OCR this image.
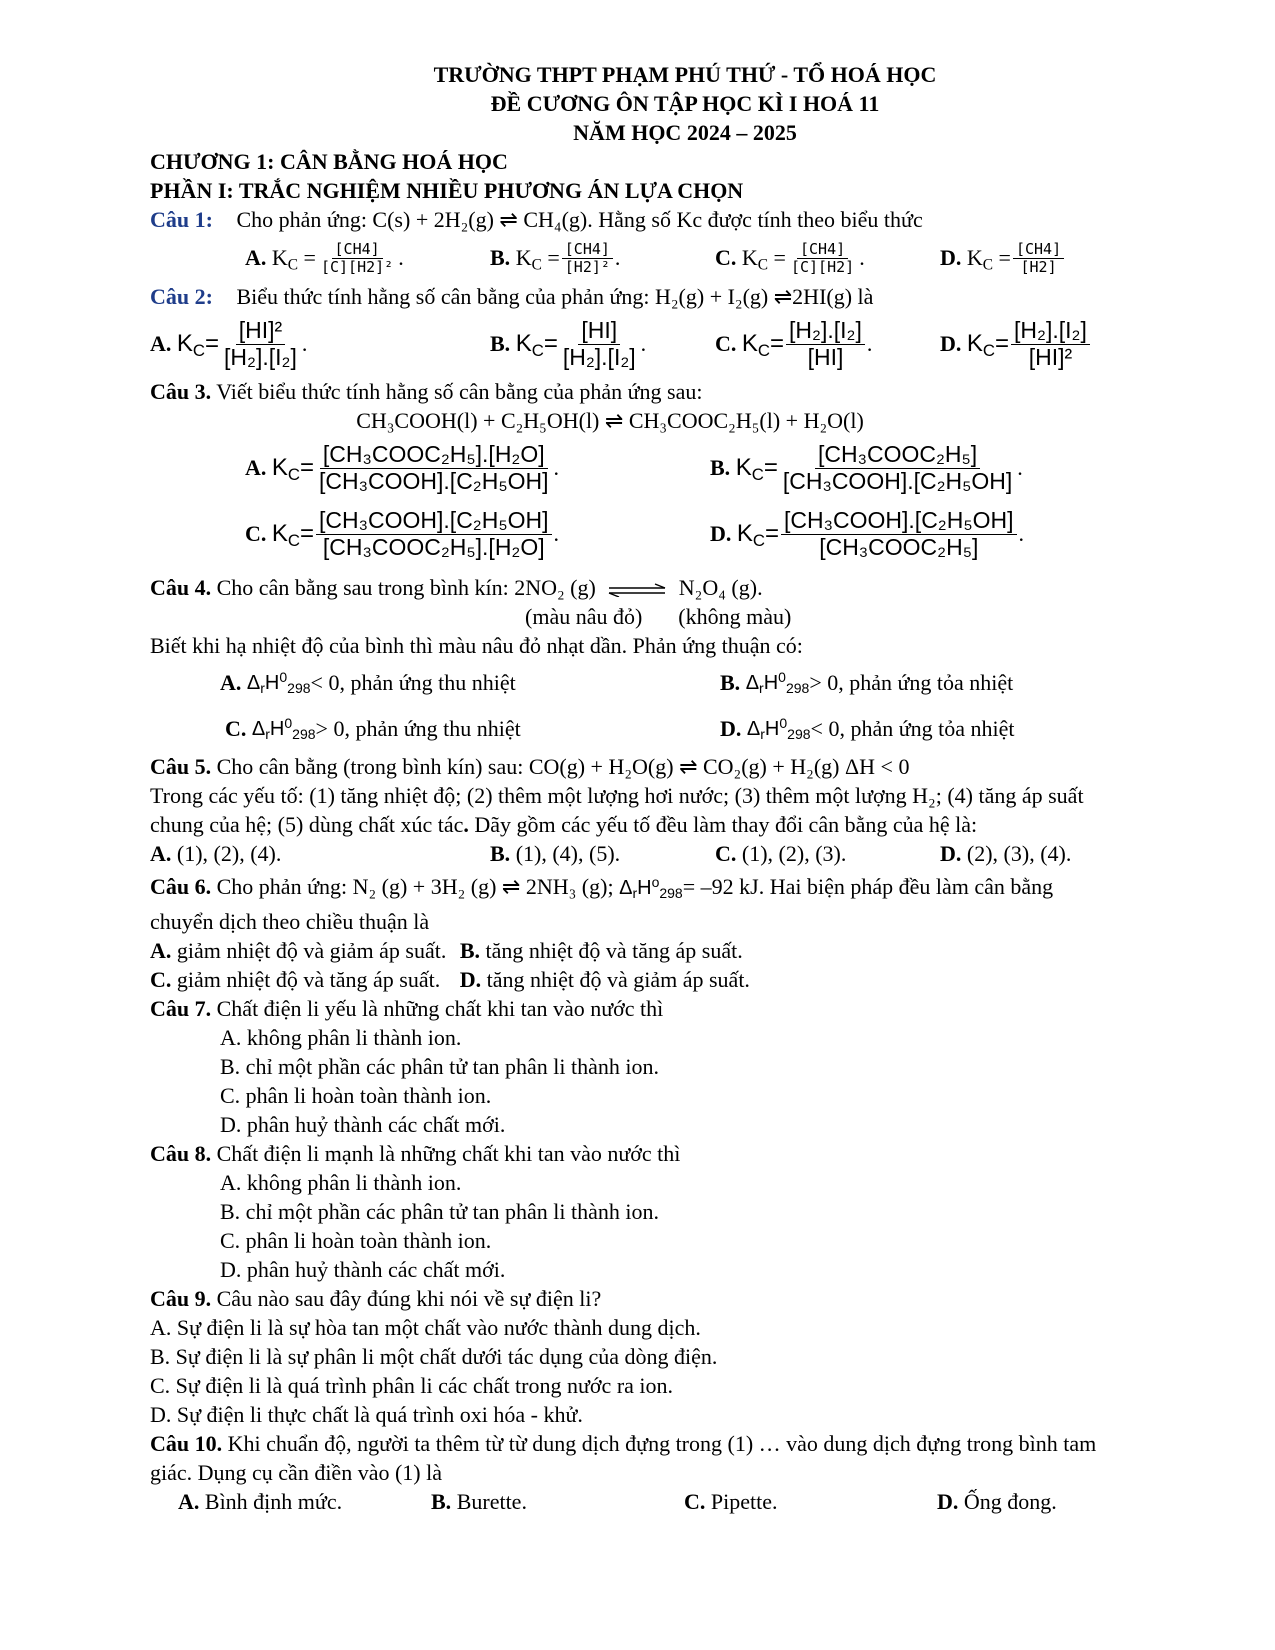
TRƯỜNG THPT PHẠM PHÚ THỨ - TỔ HOÁ HỌC
ĐỀ CƯƠNG ÔN TẬP HỌC KÌ I HOÁ 11
NĂM HỌC 2024 – 2025
CHƯƠNG 1: CÂN BẰNG HOÁ HỌC
PHẦN I: TRẮC NGHIỆM NHIỀU PHƯƠNG ÁN LỰA CHỌN
Câu 1: Cho phản ứng: C(s) + 2H₂(g) ⇌ CH₄(g). Hằng số Kc được tính theo biểu thức
A.
$K_C$
= $\frac{[CH4]}{\text{[C][H2]²}}$ .	B.
$K_C$
= $\frac{[CH4]}{\text{[H2]²}}$ .	C.
$K_C$
= $\frac{[CH4]}{[C][H2]}$ .	D.
$K_C$
= $\frac{[CH4]}{[H2]}$
Câu 2: Biểu thức tính hằng số cân bằng của phản ứng: H₂(g) + I₂(g) ⇌2HI(g) là
A.
$K_C= \frac{\text{[HI]²}}{\text{[H₂].[I₂]}}$ .	B.
$K_C= \frac{[HI]}{\text{[H₂].[I₂]}}$ .	C.
$K_C= \frac{\text{[H₂].[I₂]}}{[HI]}$ .	D.
$K_C= \frac{\text{[H₂].[I₂]}}{\text{[HI]²}}$
Câu 3. Viết biểu thức tính hằng số cân bằng của phản ứng sau:
CH₃COOH(l) + C₂H₅OH(l) ⇌ CH₃COOC₂H₅(l) + H₂O(l)
A.
$K_C= \frac{\text{[CH₃COOC₂H₅].[H₂O]}}{\text{[CH₃COOH].[C₂H₅OH]}}$ .	B.
$K_C= \frac{\text{[CH₃COOC₂H₅]}}{\text{[CH₃COOH].[C₂H₅OH]}}$ .
C.
$K_C= \frac{\text{[CH₃COOH].[C₂H₅OH]}}{\text{[CH₃COOC₂H₅].[H₂O]}}$ .	D.
$K_C= \frac{\text{[CH₃COOH].[C₂H₅OH]}}{\text{[CH₃COOC₂H₅]}}$ .
Câu 4. Cho cân bằng sau trong bình kín: 2NO₂ (g) ⇌ N₂O₄ (g).
(màu nâu đỏ) (không màu)
Biết khi hạ nhiệt độ của bình thì màu nâu đỏ nhạt dần. Phản ứng thuận có:
A.
$\Delta_rH^0_{298} < 0$, phản ứng thu nhiệt	B.
$\Delta_rH^0_{298} > 0$, phản ứng tỏa nhiệt
C.
$\Delta_rH^0_{298} > 0$, phản ứng thu nhiệt	D.
$\Delta_rH^0_{298} < 0$, phản ứng tỏa nhiệt
Câu 5. Cho cân bằng (trong bình kín) sau: CO(g) + H₂O(g) ⇌ CO₂(g) + H₂(g) ΔH < 0
Trong các yếu tố: (1) tăng nhiệt độ; (2) thêm một lượng hơi nước; (3) thêm một lượng H₂; (4) tăng áp suất
chung của hệ; (5) dùng chất xúc tác. Dãy gồm các yếu tố đều làm thay đổi cân bằng của hệ là:
A. (1), (2), (4).	B. (1), (4), (5).	C. (1), (2), (3).	D. (2), (3), (4).
Câu 6. Cho phản ứng: N₂ (g) + 3H₂ (g) ⇌ 2NH₃ (g); $\Delta_rH^o_{298}= -92$ kJ. Hai biện pháp đều làm cân bằng
chuyển dịch theo chiều thuận là
A. giảm nhiệt độ và giảm áp suất. B. tăng nhiệt độ và tăng áp suất.
C. giảm nhiệt độ và tăng áp suất. D. tăng nhiệt độ và giảm áp suất.
Câu 7. Chất điện li yếu là những chất khi tan vào nước thì
A. không phân li thành ion.
B. chỉ một phần các phân tử tan phân li thành ion.
C. phân li hoàn toàn thành ion.
D. phân huỷ thành các chất mới.
Câu 8. Chất điện li mạnh là những chất khi tan vào nước thì
A. không phân li thành ion.
B. chỉ một phần các phân tử tan phân li thành ion.
C. phân li hoàn toàn thành ion.
D. phân huỷ thành các chất mới.
Câu 9. Câu nào sau đây đúng khi nói về sự điện li?
A. Sự điện li là sự hòa tan một chất vào nước thành dung dịch.
B. Sự điện li là sự phân li một chất dưới tác dụng của dòng điện.
C. Sự điện li là quá trình phân li các chất trong nước ra ion.
D. Sự điện li thực chất là quá trình oxi hóa - khử.
Câu 10. Khi chuẩn độ, người ta thêm từ từ dung dịch đựng trong (1) … vào dung dịch đựng trong bình tam
giác. Dụng cụ cần điền vào (1) là
A. Bình định mức.	B. Burette.	C. Pipette.	D. Ống đong.
